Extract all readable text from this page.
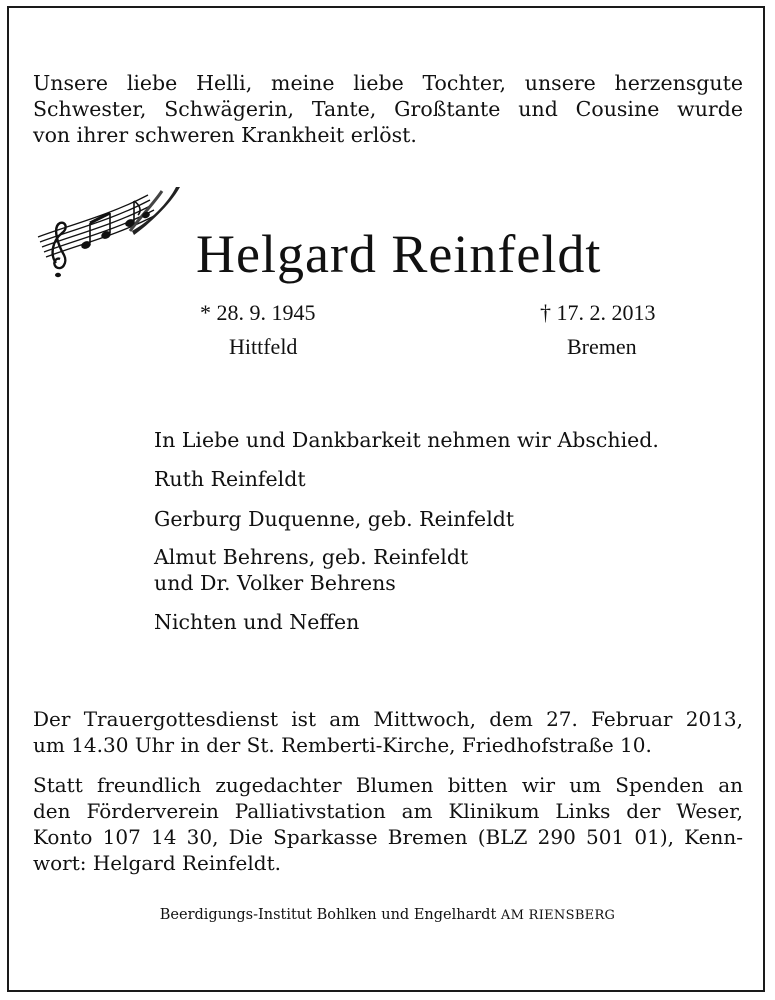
Unsere liebe Helli, meine liebe Tochter, unsere herzensgute
Schwester, Schwägerin, Tante, Großtante und Cousine wurde
von ihrer schweren Krankheit erlöst.
Helgard Reinfeldt
* 28. 9. 1945
Hittfeld
† 17. 2. 2013
Bremen
In Liebe und Dankbarkeit nehmen wir Abschied.
Ruth Reinfeldt
Gerburg Duquenne, geb. Reinfeldt
Almut Behrens, geb. Reinfeldt
und Dr. Volker Behrens
Nichten und Neffen
Der Trauergottesdienst ist am Mittwoch, dem 27. Februar 2013,
um 14.30 Uhr in der St. Remberti-Kirche, Friedhofstraße 10.
Statt freundlich zugedachter Blumen bitten wir um Spenden an
den Förderverein Palliativstation am Klinikum Links der Weser,
Konto 107 14 30, Die Sparkasse Bremen (BLZ 290 501 01), Kenn-
wort: Helgard Reinfeldt.
Beerdigungs-Institut Bohlken und Engelhardt AM RIENSBERG
